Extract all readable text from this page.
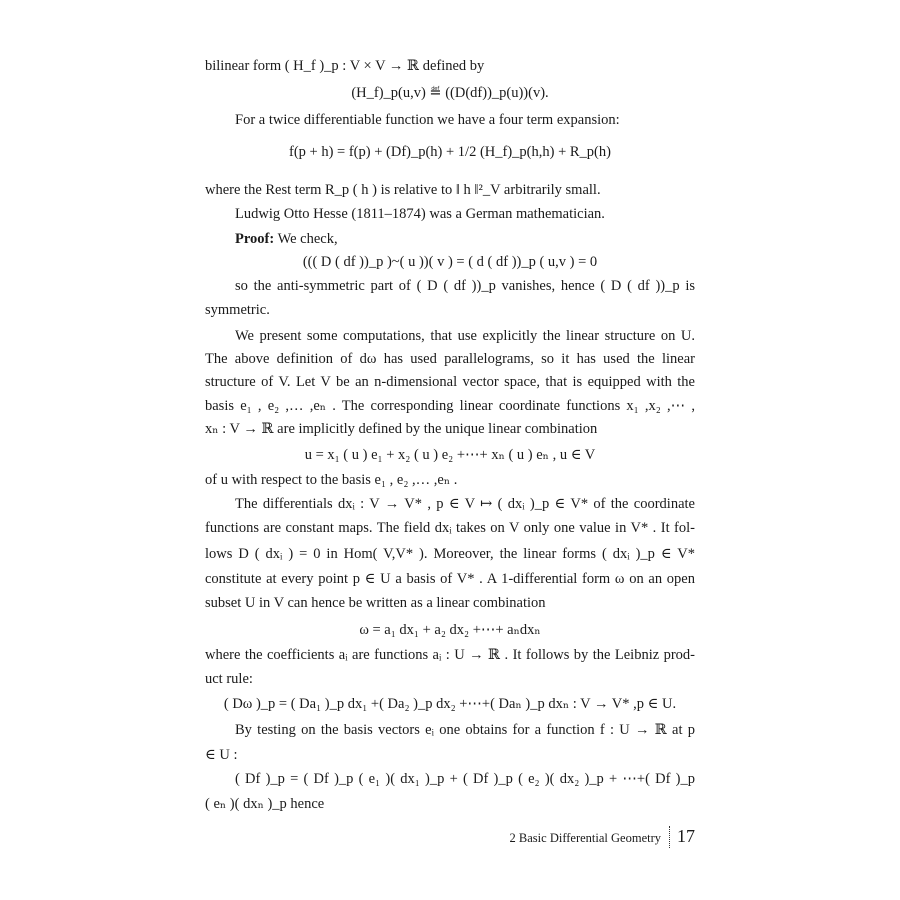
bilinear form ( H_f )_p : V × V → ℝ defined by
(H_f)_p(u,v) ≝ ((D(df))_p(u))(v).
For a twice differentiable function we have a four term expansion:
f(p + h) = f(p) + (Df)_p(h) + 1/2 (H_f)_p(h,h) + R_p(h)
where the Rest term R_p ( h ) is relative to ‖ h ‖²_V arbitrarily small.
Ludwig Otto Hesse (1811–1874) was a German mathematician.
Proof: We check,
((( D ( df ))_p )~( u ))( v ) = ( d ( df ))_p ( u,v ) = 0
so the anti-symmetric part of ( D ( df ))_p vanishes, hence ( D ( df ))_p is
symmetric.
We present some computations, that use explicitly the linear structure on U.
The above definition of dω has used parallelograms, so it has used the linear
structure of V. Let V be an n-dimensional vector space, that is equipped with the
basis e₁ , e₂ ,… ,eₙ . The corresponding linear coordinate functions x₁ ,x₂ ,⋯ ,
xₙ : V → ℝ are implicitly defined by the unique linear combination
u = x₁ ( u ) e₁ + x₂ ( u ) e₂ +⋯+ xₙ ( u ) eₙ , u ∈ V
of u with respect to the basis e₁ , e₂ ,… ,eₙ .
The differentials dxᵢ : V → V* , p ∈ V ↦ ( dxᵢ )_p ∈ V* of the coordinate
functions are constant maps. The field dxᵢ takes on V only one value in V* . It fol-
lows D ( dxᵢ ) = 0 in Hom( V,V* ). Moreover, the linear forms ( dxᵢ )_p ∈ V*
constitute at every point p ∈ U a basis of V* . A 1-differential form ω on an open
subset U in V can hence be written as a linear combination
ω = a₁ dx₁ + a₂ dx₂ +⋯+ aₙdxₙ
where the coefficients aᵢ are functions aᵢ : U → ℝ . It follows by the Leibniz prod-
uct rule:
( Dω )_p = ( Da₁ )_p dx₁ +( Da₂ )_p dx₂ +⋯+( Daₙ )_p dxₙ : V → V* ,p ∈ U.
By testing on the basis vectors eᵢ one obtains for a function f : U → ℝ at p
∈ U :
( Df )_p = ( Df )_p ( e₁ )( dx₁ )_p + ( Df )_p ( e₂ )( dx₂ )_p + ⋯+( Df )_p
( eₙ )( dxₙ )_p hence
2 Basic Differential Geometry 17
